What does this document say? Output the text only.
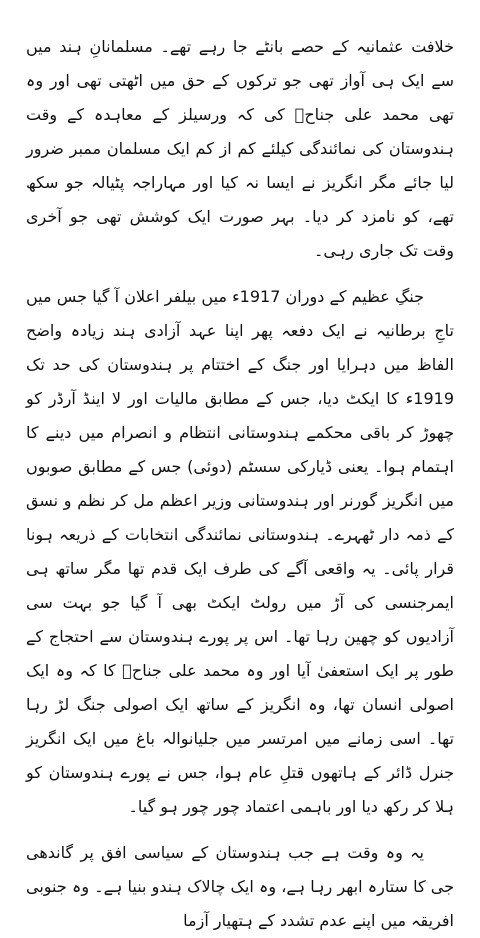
خلافت عثمانیہ کے حصے بانٹے جا رہے تھے۔ مسلمانانِ ہند میں سے ایک ہی آواز تھی جو ترکوں کے حق میں اٹھتی تھی اور وہ تھی محمد علی جناحؒ کی کہ ورسیلز کے معاہدہ کے وقت ہندوستان کی نمائندگی کیلئے کم از کم ایک مسلمان ممبر ضرور لیا جائے مگر انگریز نے ایسا نہ کیا اور مہاراجہ پٹیالہ جو سکھ تھے، کو نامزد کر دیا۔ بہر صورت ایک کوشش تھی جو آخری وقت تک جاری رہی۔

جنگِ عظیم کے دوران 1917ء میں بیلفر اعلان آ گیا جس میں تاجِ برطانیہ نے ایک دفعہ پھر اپنا عہد آزادی ہند زیادہ واضح الفاظ میں دہرایا اور جنگ کے اختتام پر ہندوستان کی حد تک 1919ء کا ایکٹ دیا، جس کے مطابق مالیات اور لا اینڈ آرڈر کو چھوڑ کر باقی محکمے ہندوستانی انتظام و انصرام میں دینے کا اہتمام ہوا۔ یعنی ڈیارکی سسٹم (دوئی) جس کے مطابق صوبوں میں انگریز گورنر اور ہندوستانی وزیر اعظم مل کر نظم و نسق کے ذمہ دار ٹھہرے۔ ہندوستانی نمائندگی انتخابات کے ذریعہ ہونا قرار پائی۔ یہ واقعی آگے کی طرف ایک قدم تھا مگر ساتھ ہی ایمرجنسی کی آڑ میں رولٹ ایکٹ بھی آ گیا جو بہت سی آزادیوں کو چھین رہا تھا۔ اس پر پورے ہندوستان سے احتجاج کے طور پر ایک استعفیٰ آیا اور وہ محمد علی جناحؒ کا کہ وہ ایک اصولی انسان تھا، وہ انگریز کے ساتھ ایک اصولی جنگ لڑ رہا تھا۔ اسی زمانے میں امرتسر میں جلیانوالہ باغ میں ایک انگریز جنرل ڈائر کے ہاتھوں قتلِ عام ہوا، جس نے پورے ہندوستان کو ہلا کر رکھ دیا اور باہمی اعتماد چور چور ہو گیا۔

یہ وہ وقت ہے جب ہندوستان کے سیاسی افق پر گاندھی جی کا ستارہ ابھر رہا ہے، وہ ایک چالاک ہندو بنیا ہے۔ وہ جنوبی افریقہ میں اپنے عدم تشدد کے ہتھیار آزما
